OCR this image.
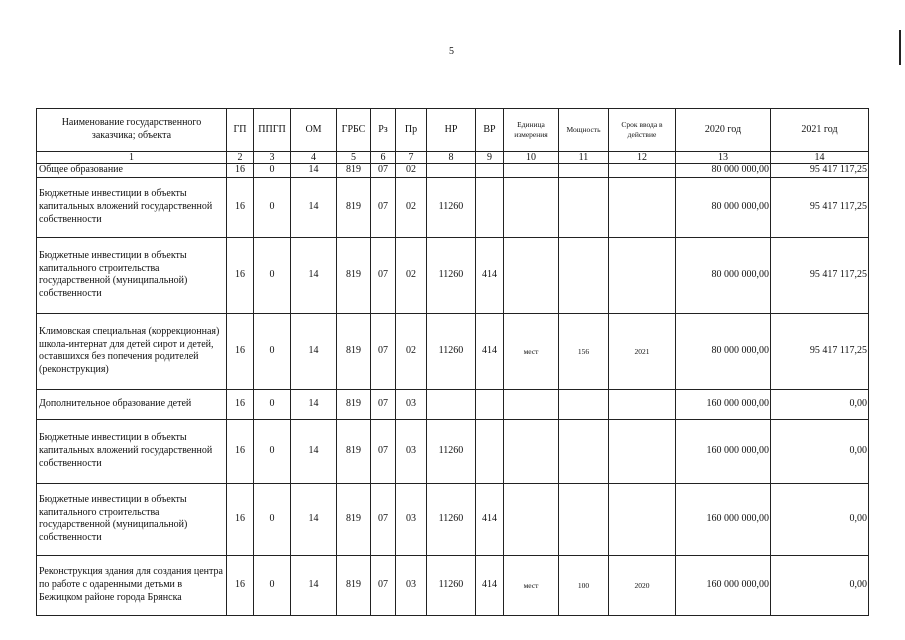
5
Наименование государственного заказчика; объекта	ГП	ППГП	ОМ	ГРБС	Рз	Пр	НР	ВР	Единица измерения	Мощность	Срок ввода в действие	2020 год	2021 год
1	2	3	4	5	6	7	8	9	10	11	12	13	14
Общее образование	16	0	14	819	07	02						80 000 000,00	95 417 117,25
Бюджетные инвестиции в объекты капитальных вложений государственной собственности	16	0	14	819	07	02	11260					80 000 000,00	95 417 117,25
Бюджетные инвестиции в объекты капитального строительства государственной (муниципальной) собственности	16	0	14	819	07	02	11260	414				80 000 000,00	95 417 117,25
Климовская специальная (коррекционная) школа-интернат для детей сирот и детей, оставшихся без попечения родителей (реконструкция)	16	0	14	819	07	02	11260	414	мест	156	2021	80 000 000,00	95 417 117,25
Дополнительное образование детей	16	0	14	819	07	03						160 000 000,00	0,00
Бюджетные инвестиции в объекты капитальных вложений государственной собственности	16	0	14	819	07	03	11260					160 000 000,00	0,00
Бюджетные инвестиции в объекты капитального строительства государственной (муниципальной) собственности	16	0	14	819	07	03	11260	414				160 000 000,00	0,00
Реконструкция здания для создания центра по работе с одаренными детьми в Бежицком районе города Брянска	16	0	14	819	07	03	11260	414	мест	100	2020	160 000 000,00	0,00
